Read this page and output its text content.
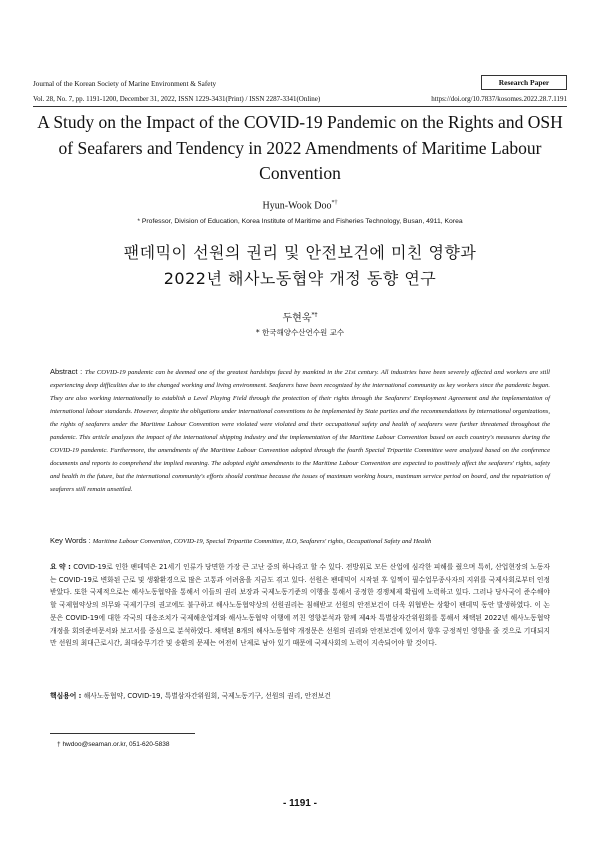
Journal of the Korean Society of Marine Environment & Safety	Research Paper
Vol. 28, No. 7, pp. 1191-1200, December 31, 2022, ISSN 1229-3431(Print) / ISSN 2287-3341(Online)	https://doi.org/10.7837/kosomes.2022.28.7.1191
A Study on the Impact of the COVID-19 Pandemic on the Rights and OSH of Seafarers and Tendency in 2022 Amendments of Maritime Labour Convention
Hyun-Wook Doo*†
* Professor, Division of Education, Korea Institute of Maritime and Fisheries Technology, Busan, 4911, Korea
팬데믹이 선원의 권리 및 안전보건에 미친 영향과
2022년 해사노동협약 개정 동향 연구
두현욱*†
* 한국해양수산연수원 교수
Abstract : The COVID-19 pandemic can be deemed one of the greatest hardships faced by mankind in the 21st century. All industries have been severely affected and workers are still experiencing deep difficulties due to the changed working and living environment. Seafarers have been recognized by the international community as key workers since the pandemic began. They are also working internationally to establish a Level Playing Field through the protection of their rights through the Seafarers' Employment Agreement and the implementation of international labour standards. However, despite the obligations under international conventions to be implemented by State parties and the recommendations by international organizations, the rights of seafarers under the Maritime Labour Convention were violated were violated and their occupational safety and health of seafarers were further threatened throughout the pandemic. This article analyzes the impact of the international shipping industry and the implementation of the Maritime Labour Convention based on each country's measures during the COVID-19 pandemic. Furthermore, the amendments of the Maritime Labour Convention adopted through the fourth Special Tripartite Committee were analyzed based on the conference documents and reports to comprehend the implied meaning. The adopted eight amendments to the Maritime Labour Convention are expected to positively affect the seafarers' rights, safety and health in the future, but the international community's efforts should continue because the issues of maximum working hours, maximum service period on board, and the repatriation of seafarers still remain unsettled.
Key Words : Maritime Labour Convention, COVID-19, Special Tripartite Committee, ILO, Seafarers' rights, Occupational Safety and Health
요 약 : COVID-19로 인한 팬데믹은 21세기 인류가 당면한 가장 큰 고난 중의 하나라고 할 수 있다. 전방위로 모든 산업에 심각한 피해를 줬으며 특히, 산업현장의 노동자는 COVID-19로 변화된 근로 및 생활환경으로 많은 고통과 어려움을 지금도 겪고 있다. 선원은 팬데믹이 시작된 후 일찍이 필수업무종사자의 지위를 국제사회로부터 인정받았다. 또한 국제적으로는 해사노동협약을 통해서 이들의 권리 보장과 국제노동기준의 이행을 통해서 공정한 경쟁체제 확립에 노력하고 있다. 그러나 당사국이 준수해야 할 국제협약상의 의무와 국제기구의 권고에도 불구하고 해사노동협약상의 선원권리는 침해받고 선원의 안전보건이 더욱 위협받는 상황이 팬데믹 동안 발생하였다. 이 논문은 COVID-19에 대한 각국의 대응조치가 국제해운업계와 해사노동협약 이행에 끼친 영향분석과 함께 제4차 특별삼자간위원회를 통해서 채택된 2022년 해사노동협약 개정을 회의준비문서와 보고서를 중심으로 분석하였다. 채택된 8개의 해사노동협약 개정문은 선원의 권리와 안전보건에 있어서 향후 긍정적인 영향을 줄 것으로 기대되지만 선원의 최대근로시간, 최대승무기간 및 송환의 문제는 여전히 난제로 남아 있기 때문에 국제사회의 노력이 지속되어야 할 것이다.
핵심용어 : 해사노동협약, COVID-19, 특별삼자간위원회, 국제노동기구, 선원의 권리, 안전보건
† hwdoo@seaman.or.kr, 051-620-5838
- 1191 -
